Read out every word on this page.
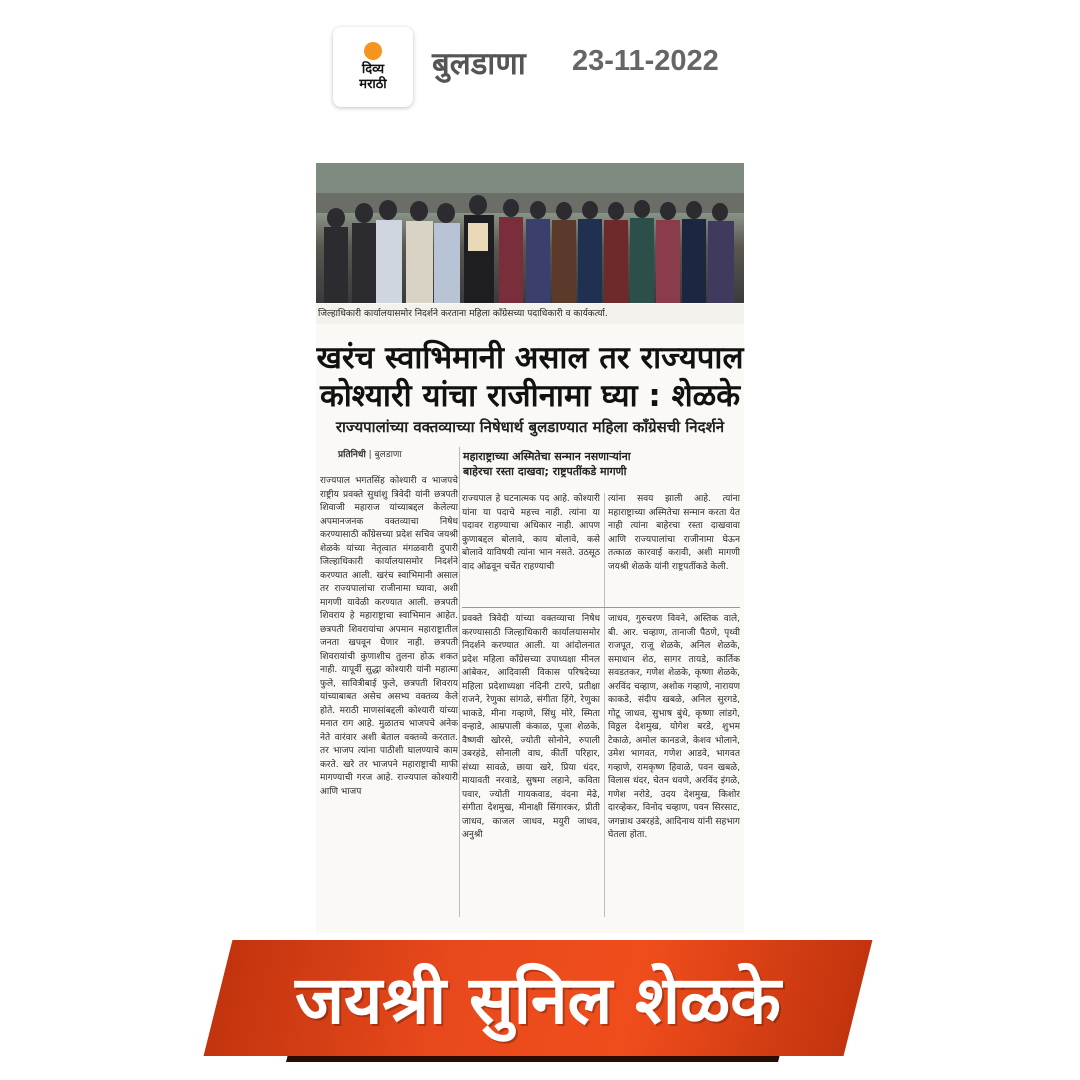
दिव्य
मराठी
बुलडाणा 23-11-2022
जिल्हाधिकारी कार्यालयासमोर निदर्शने करताना महिला काँग्रेसच्या पदाधिकारी व कार्यकर्त्या.
खरंच स्वाभिमानी असाल तर राज्यपाल
कोश्यारी यांचा राजीनामा घ्या : शेळके
राज्यपालांच्या वक्तव्याच्या निषेधार्थ बुलडाण्यात महिला काँग्रेसची निदर्शने
प्रतिनिधी | बुलडाणा	महाराष्ट्राच्या अस्मितेचा सन्मान नसणाऱ्यांना बाहेरचा रस्ता दाखवा; राष्ट्रपतींकडे मागणी
राज्यपाल भगतसिंह कोश्यारी व भाजपचे राष्ट्रीय प्रवक्ते सुधांशु त्रिवेदी यांनी छत्रपती शिवाजी महाराज यांच्याबद्दल केलेल्या अपमानजनक वक्तव्याचा निषेध करण्यासाठी काँग्रेसच्या प्रदेश सचिव जयश्री शेळके यांच्या नेतृत्वात मंगळवारी दुपारी जिल्हाधिकारी कार्यालयासमोर निदर्शने करण्यात आली. खरंच स्वाभिमानी असाल तर राज्यपालांचा राजीनामा घ्यावा, अशी मागणी यावेळी करण्यात आली. छत्रपती शिवराय हे महाराष्ट्राचा स्वाभिमान आहेत. छत्रपती शिवरायांचा अपमान महाराष्ट्रातील जनता खपवून घेणार नाही. छत्रपती शिवरायांची कुणाशीच तुलना होऊ शकत नाही. यापूर्वी सुद्धा कोश्यारी यांनी महात्मा फुले, सावित्रीबाई फुले, छत्रपती शिवराय यांच्याबाबत असेच असभ्य वक्तव्य केले होते. मराठी माणसांबद्दली कोश्यारी यांच्या मनात राग आहे. मुळातच भाजपचे अनेक नेते वारंवार अशी बेताल वक्तव्ये करतात. तर भाजप त्यांना पाठीशी घालण्याचे काम करते. खरे तर भाजपने महाराष्ट्राची माफी मागण्याची गरज आहे. राज्यपाल कोश्यारी आणि भाजप
राज्यपाल हे घटनात्मक पद आहे. कोश्यारी यांना या पदाचे महत्त्व नाही. त्यांना या पदावर राहण्याचा अधिकार नाही. आपण कुणाबद्दल बोलावे, काय बोलावे, कसे बोलावे याविषयी त्यांना भान नसते. उठसूठ वाद ओढवून चर्चेत राहण्याची
त्यांना सवय झाली आहे. त्यांना महाराष्ट्राच्या अस्मितेचा सन्मान करता येत नाही त्यांना बाहेरचा रस्ता दाखवावा आणि राज्यपालांचा राजीनामा घेऊन तत्काळ कारवाई करावी, अशी मागणी जयश्री शेळके यांनी राष्ट्रपतींकडे केली.
प्रवक्ते त्रिवेदी यांच्या वक्तव्याचा निषेध करण्यासाठी जिल्हाधिकारी कार्यालयासमोर निदर्शने करण्यात आली. या आंदोलनात प्रदेश महिला काँग्रेसच्या उपाध्यक्षा मीनल आंबेकर, आदिवासी विकास परिषदेच्या महिला प्रदेशाध्यक्षा नंदिनी टारपे, प्रतीक्षा राजने, रेणुका सांगळे, संगीता हिंगे, रेणुका भाकडे, मीना गव्हाणे, सिंधु मोरे, स्मिता वन्हाडे, आम्रपाली कंकाळ, पूजा शेळके, वैष्णवी खोरसे, ज्योती सोनोने, रुपाली उबरहंडे, सोनाली वाघ, कीर्ती परिहार, संध्या सावळे, छाया खरे, प्रिया धंदर, मायावती नरवाडे, सुषमा लहाने, कविता पवार, ज्योती गायकवाड, वंदना मेढे, संगीता देशमुख, मीनाक्षी सिंगारकर, प्रीती जाधव, काजल जाधव, मयुरी जाधव, अनुश्री
जाधव, गुरुचरण विवने, अस्तिक वाले, बी. आर. चव्हाण, तानाजी पैठणे, पृथ्वी राजपूत, राजू शेळके, अनिल शेळके, समाधान शेठ, सागर तायडे, कार्तिक सवडतकर, गणेश शेळके, कृष्णा शेळके, अरविंद चव्हाण, अशोक गव्हाणे, नारायण काकडे, संदीप खबळे, अनिल सुरगडे, गोटू जाधव, सुभाष बुंधे, कृष्णा लांडगे, विठ्ठल देशमुख, योगेश बरडे, शुभम टेकाळे, अमोल कानडजे, केशव भोलाने, उमेश भागवत, गणेश आडवे, भागवत गव्हाणे, रामकृष्ण हिवाळे, पवन खबळे, विलास धंदर, चेतन धवणे, अरविंद इंगळे, गणेश नरोडे, उदय देशमुख, किशोर दारव्हेकर, विनोद चव्हाण, पवन सिरसाट, जगन्नाथ उबरहंडे, आदिनाथ यांनी सहभाग घेतला होता.
जयश्री सुनिल शेळके
